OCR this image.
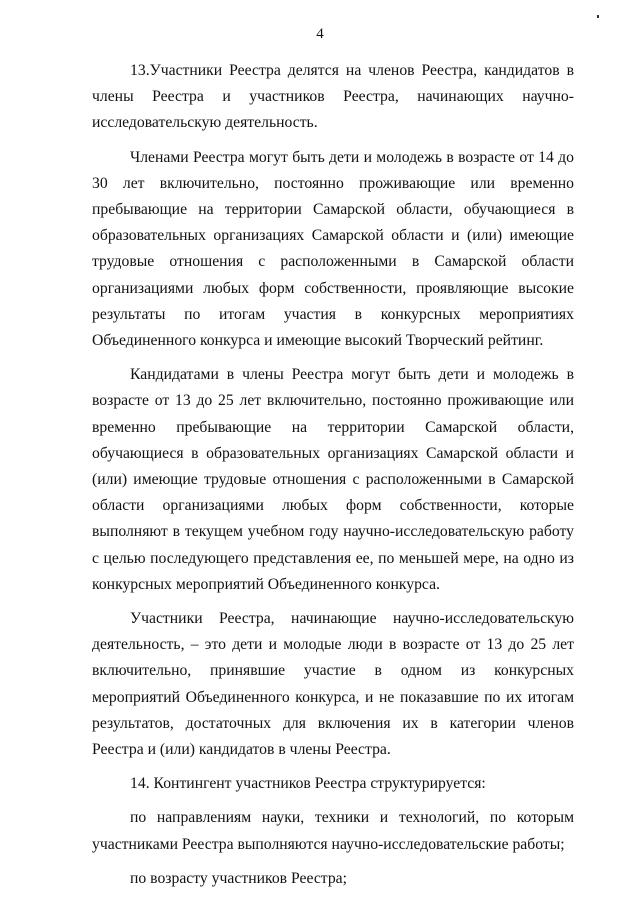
4

13.Участники Реестра делятся на членов Реестра, кандидатов в члены Реестра и участников Реестра, начинающих научно-исследовательскую деятельность.

Членами Реестра могут быть дети и молодежь в возрасте от 14 до 30 лет включительно, постоянно проживающие или временно пребывающие на территории Самарской области, обучающиеся в образовательных организациях Самарской области и (или) имеющие трудовые отношения с расположенными в Самарской области организациями любых форм собственности, проявляющие высокие результаты по итогам участия в конкурсных мероприятиях Объединенного конкурса и имеющие высокий Творческий рейтинг.

Кандидатами в члены Реестра могут быть дети и молодежь в возрасте от 13 до 25 лет включительно, постоянно проживающие или временно пребывающие на территории Самарской области, обучающиеся в образовательных организациях Самарской области и (или) имеющие трудовые отношения с расположенными в Самарской области организациями любых форм собственности, которые выполняют в текущем учебном году научно-исследовательскую работу с целью последующего представления ее, по меньшей мере, на одно из конкурсных мероприятий Объединенного конкурса.

Участники Реестра, начинающие научно-исследовательскую деятельность, – это дети и молодые люди в возрасте от 13 до 25 лет включительно, принявшие участие в одном из конкурсных мероприятий Объединенного конкурса, и не показавшие по их итогам результатов, достаточных для включения их в категории членов Реестра и (или) кандидатов в члены Реестра.

14. Контингент участников Реестра структурируется:

по направлениям науки, техники и технологий, по которым участниками Реестра выполняются научно-исследовательские работы;

по возрасту участников Реестра;
